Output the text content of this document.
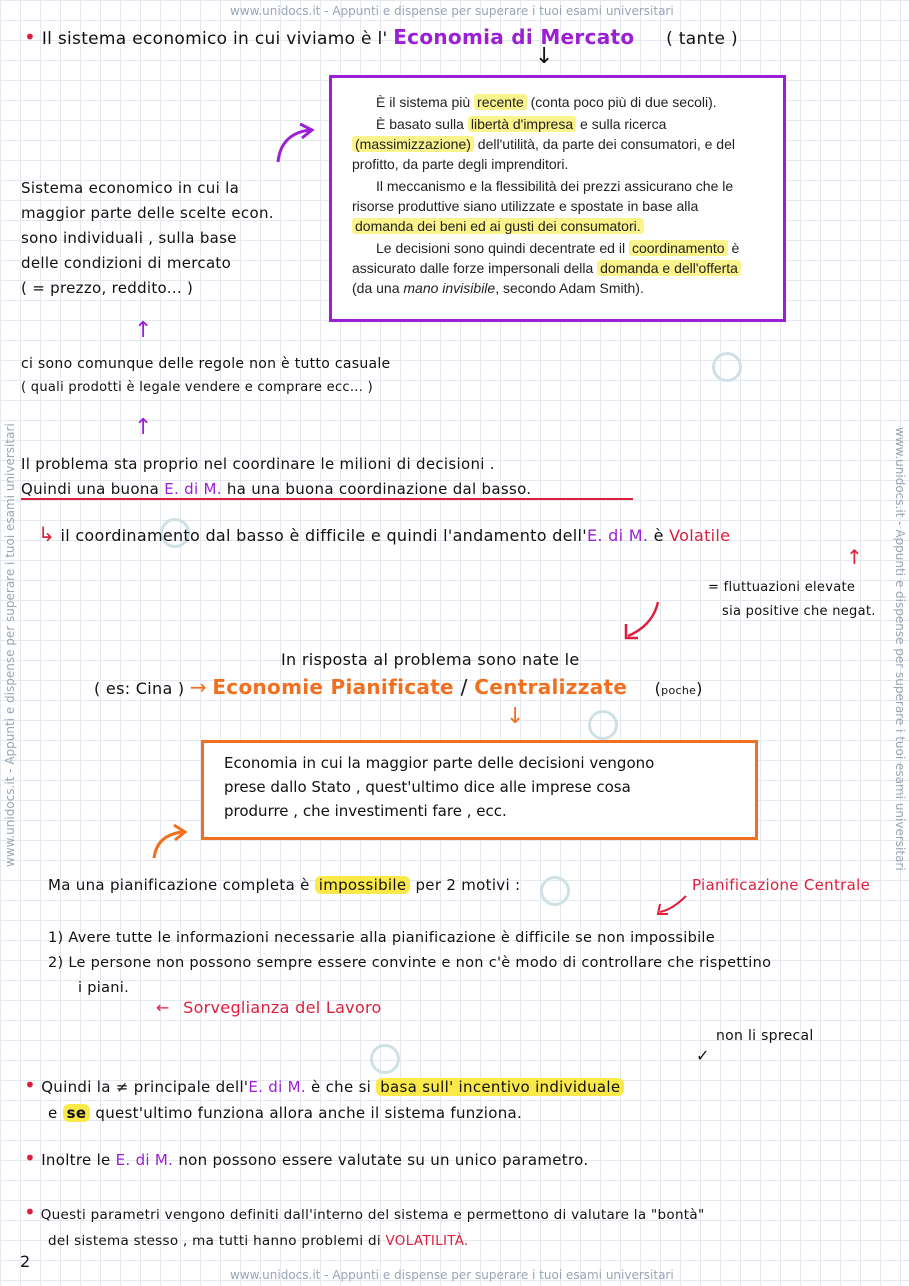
www.unidocs.it - Appunti e dispense per superare i tuoi esami universitari
www.unidocs.it - Appunti e dispense per superare i tuoi esami universitari
www.unidocs.it - Appunti e dispense per superare i tuoi esami universitari	www.unidocs.it - Appunti e dispense per superare i tuoi esami universitari
• Il sistema economico in cui viviamo è l' Economia di Mercato ( tante )
↓

È il sistema più recente (conta poco più di due secoli).

È basato sulla libertà d'impresa e sulla ricerca (massimizzazione) dell'utilità, da parte dei consumatori, e del profitto, da parte degli imprenditori.

Il meccanismo e la flessibilità dei prezzi assicurano che le risorse produttive siano utilizzate e spostate in base alla domanda dei beni ed ai gusti dei consumatori.

Le decisioni sono quindi decentrate ed il coordinamento è assicurato dalle forze impersonali della domanda e dell'offerta (da una mano invisibile, secondo Adam Smith).

Sistema economico in cui la
maggior parte delle scelte econ.
sono individuali , sulla base
delle condizioni di mercato
( = prezzo, reddito... )
↑
ci sono comunque delle regole non è tutto casuale
( quali prodotti è legale vendere e comprare ecc... )
↑
Il problema sta proprio nel coordinare le milioni di decisioni .
Quindi una buona E. di M. ha una buona coordinazione dal basso.
↳ il coordinamento dal basso è difficile e quindi l'andamento dell'E. di M. è Volatile
↑
= fluttuazioni elevate
sia positive che negat.
In risposta al problema sono nate le
( es: Cina ) → Economie Pianificate / Centralizzate (poche)
↓
Economia in cui la maggior parte delle decisioni vengono
prese dallo Stato , quest'ultimo dice alle imprese cosa
produrre , che investimenti fare , ecc.
Ma una pianificazione completa è impossibile per 2 motivi :	Pianificazione Centrale
1) Avere tutte le informazioni necessarie alla pianificazione è difficile se non impossibile
2) Le persone non possono sempre essere convinte e non c'è modo di controllare che rispettino
i piani.
← Sorveglianza del Lavoro
non li sprecal
✓
• Quindi la ≠ principale dell'E. di M. è che si basa sull' incentivo individuale
e se quest'ultimo funziona allora anche il sistema funziona.
• Inoltre le E. di M. non possono essere valutate su un unico parametro.
• Questi parametri vengono definiti dall'interno del sistema e permettono di valutare la "bontà"
del sistema stesso , ma tutti hanno problemi di VOLATILITÀ.
2
